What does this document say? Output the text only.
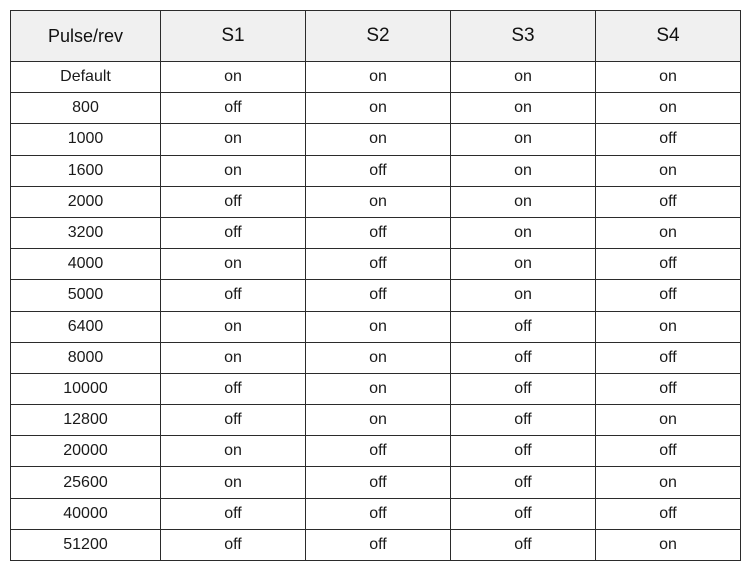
Pulse/rev	S1	S2	S3	S4
Default	on	on	on	on
800	off	on	on	on
1000	on	on	on	off
1600	on	off	on	on
2000	off	on	on	off
3200	off	off	on	on
4000	on	off	on	off
5000	off	off	on	off
6400	on	on	off	on
8000	on	on	off	off
10000	off	on	off	off
12800	off	on	off	on
20000	on	off	off	off
25600	on	off	off	on
40000	off	off	off	off
51200	off	off	off	on
